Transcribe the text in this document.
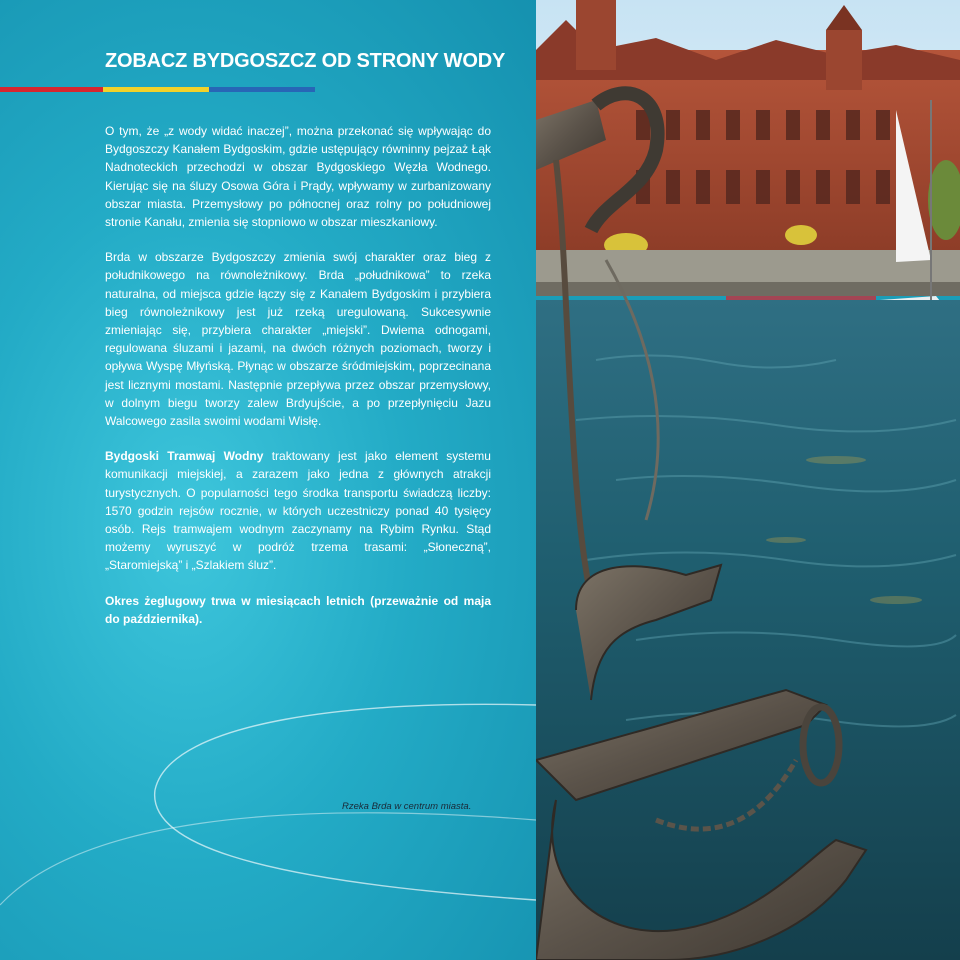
ZOBACZ BYDGOSZCZ OD STRONY WODY

O tym, że „z wody widać inaczej”, można przekonać się wpływając do Bydgoszczy Kanałem Bydgoskim, gdzie ustępujący równinny pejzaż Łąk Nadnoteckich przechodzi w obszar Bydgoskiego Węzła Wodnego. Kierując się na śluzy Osowa Góra i Prądy, wpływamy w zurbanizowany obszar miasta. Przemysłowy po północnej oraz rolny po południowej stronie Kanału, zmienia się stopniowo w obszar mieszkaniowy.

Brda w obszarze Bydgoszczy zmienia swój charakter oraz bieg z południkowego na równoleżnikowy. Brda „południkowa” to rzeka naturalna, od miejsca gdzie łączy się z Kanałem Bydgoskim i przybiera bieg równoleżnikowy jest już rzeką uregulowaną. Sukcesywnie zmieniając się, przybiera charakter „miejski”. Dwiema odnogami, regulowana śluzami i jazami, na dwóch różnych poziomach, tworzy i opływa Wyspę Młyńską. Płynąc w obszarze śródmiejskim, poprzecinana jest licznymi mostami. Następnie przepływa przez obszar przemysłowy, w dolnym biegu tworzy zalew Brdyujście, a po przepłynięciu Jazu Walcowego zasila swoimi wodami Wisłę.

Bydgoski Tramwaj Wodny traktowany jest jako element systemu komunikacji miejskiej, a zarazem jako jedna z głównych atrakcji turystycznych. O popularności tego środka transportu świadczą liczby: 1570 godzin rejsów rocznie, w których uczestniczy ponad 40 tysięcy osób. Rejs tramwajem wodnym zaczynamy na Rybim Rynku. Stąd możemy wyruszyć w podróż trzema trasami: „Słoneczną”, „Staromiejską” i „Szlakiem śluz”.

Okres żeglugowy trwa w miesiącach letnich (przeważnie od maja do października).

Rzeka Brda w centrum miasta.
